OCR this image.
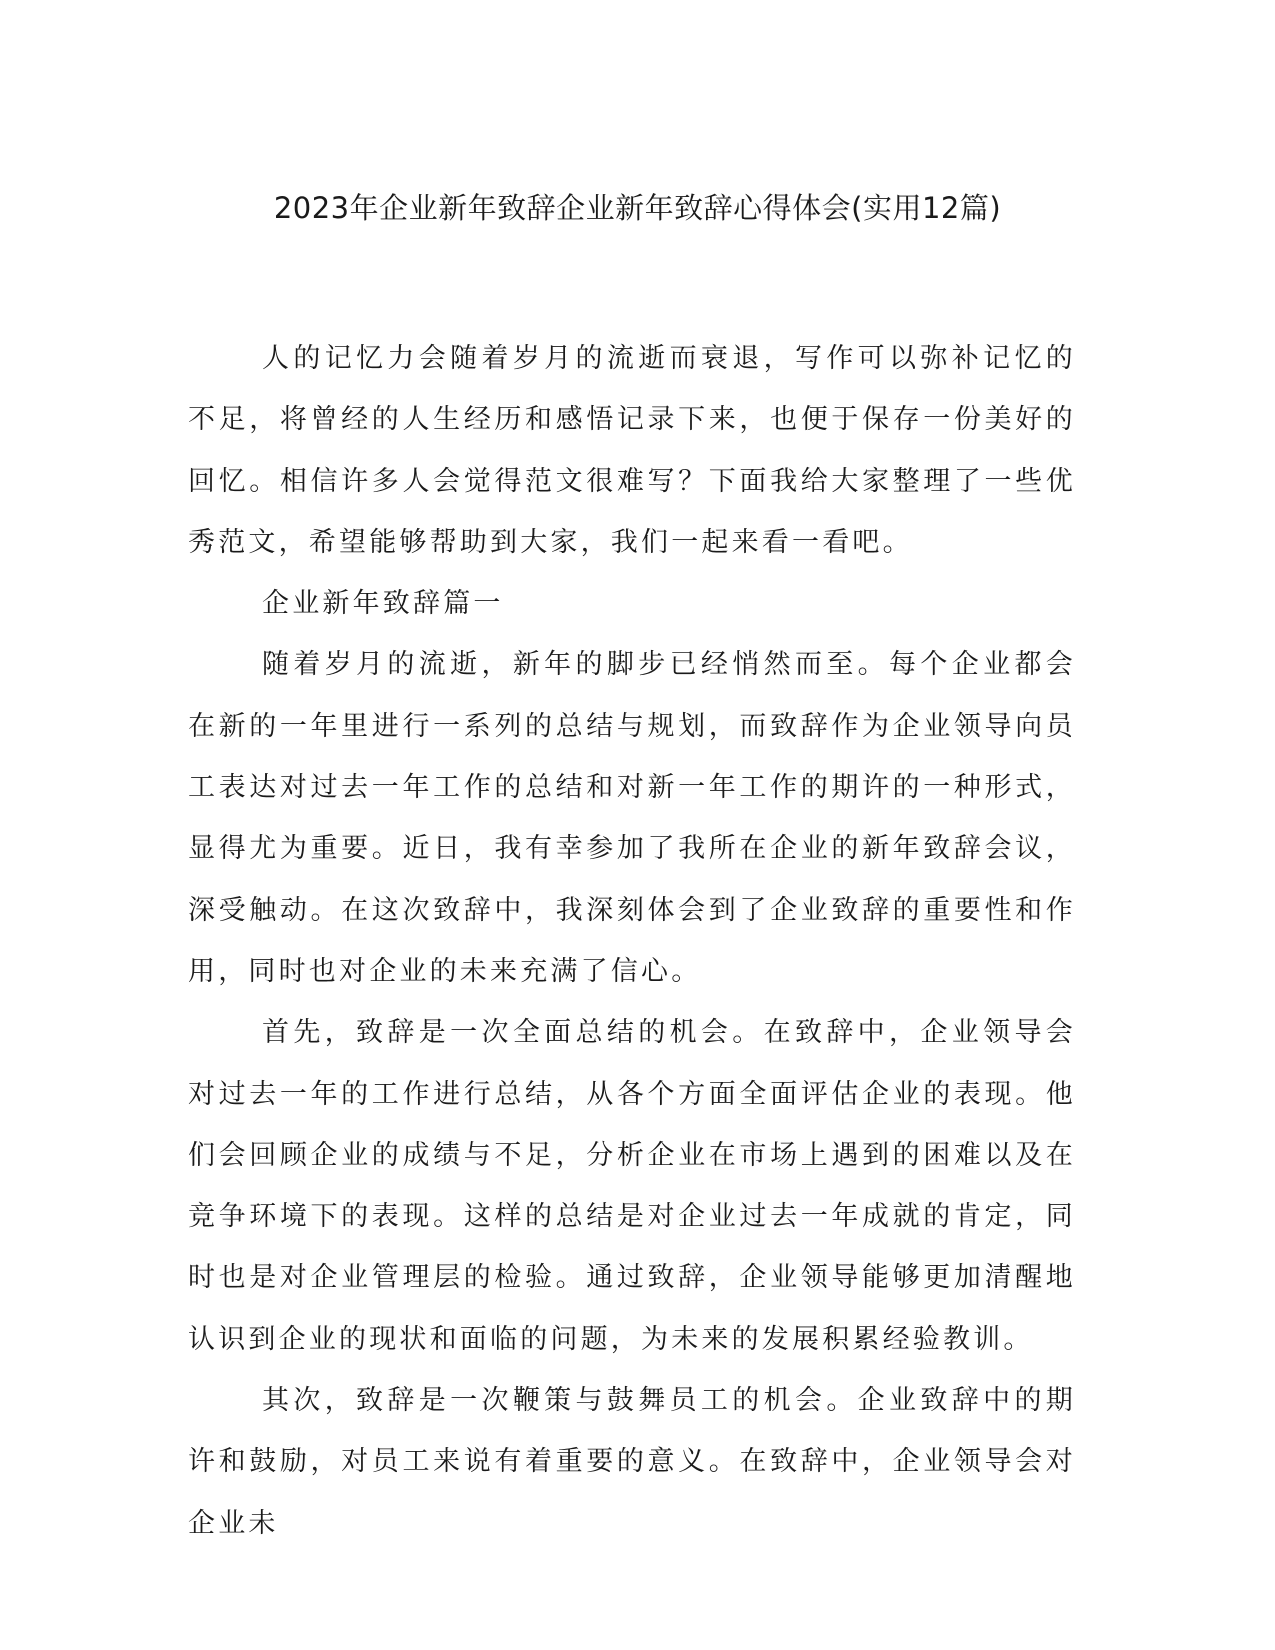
2023年企业新年致辞企业新年致辞心得体会(实用12篇)

人的记忆力会随着岁月的流逝而衰退，写作可以弥补记忆的不足，将曾经的人生经历和感悟记录下来，也便于保存一份美好的回忆。相信许多人会觉得范文很难写？下面我给大家整理了一些优秀范文，希望能够帮助到大家，我们一起来看一看吧。

企业新年致辞篇一

随着岁月的流逝，新年的脚步已经悄然而至。每个企业都会在新的一年里进行一系列的总结与规划，而致辞作为企业领导向员工表达对过去一年工作的总结和对新一年工作的期许的一种形式，显得尤为重要。近日，我有幸参加了我所在企业的新年致辞会议，深受触动。在这次致辞中，我深刻体会到了企业致辞的重要性和作用，同时也对企业的未来充满了信心。

首先，致辞是一次全面总结的机会。在致辞中，企业领导会对过去一年的工作进行总结，从各个方面全面评估企业的表现。他们会回顾企业的成绩与不足，分析企业在市场上遇到的困难以及在竞争环境下的表现。这样的总结是对企业过去一年成就的肯定，同时也是对企业管理层的检验。通过致辞，企业领导能够更加清醒地认识到企业的现状和面临的问题，为未来的发展积累经验教训。

其次，致辞是一次鞭策与鼓舞员工的机会。企业致辞中的期许和鼓励，对员工来说有着重要的意义。在致辞中，企业领导会对企业未
